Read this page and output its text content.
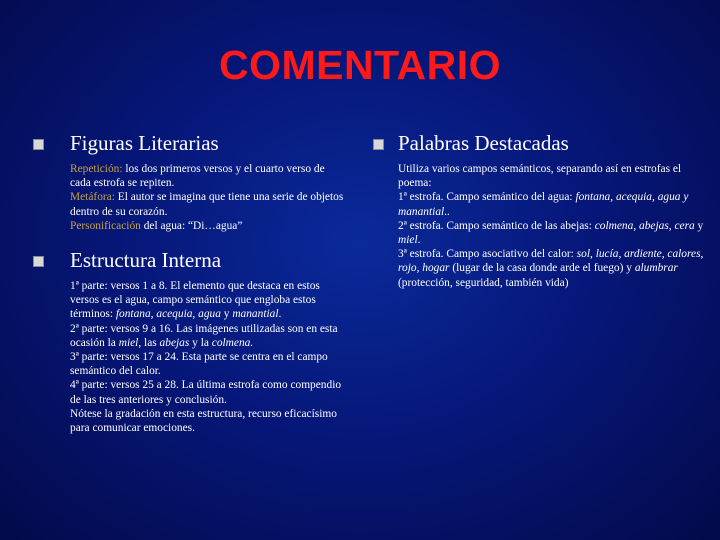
COMENTARIO
Figuras Literarias

Repetición: los dos primeros versos y el cuarto verso de cada estrofa se repiten.

Metáfora: El autor se imagina que tiene una serie de objetos dentro de su corazón.

Personificación del agua: “Di…agua”

Estructura Interna

1ª parte: versos 1 a 8. El elemento que destaca en estos versos es el agua, campo semántico que engloba estos términos: fontana, acequia, agua y manantial.

2ª parte: versos 9 a 16. Las imágenes utilizadas son en esta ocasión la miel, las abejas y la colmena.

3ª parte: versos 17 a 24. Esta parte se centra en el campo semántico del calor.

4ª parte: versos 25 a 28. La última estrofa como compendio de las tres anteriores y conclusión.

Nótese la gradación en esta estructura, recurso eficacísimo para comunicar emociones.

Palabras Destacadas

Utiliza varios campos semánticos, separando así en estrofas el poema:

1ª estrofa. Campo semántico del agua: fontana, acequia, agua y manantial..

2ª estrofa. Campo semántico de las abejas: colmena, abejas, cera y miel.

3ª estrofa. Campo asociativo del calor: sol, lucía, ardiente, calores, rojo, hogar (lugar de la casa donde arde el fuego) y alumbrar (protección, seguridad, también vida)
